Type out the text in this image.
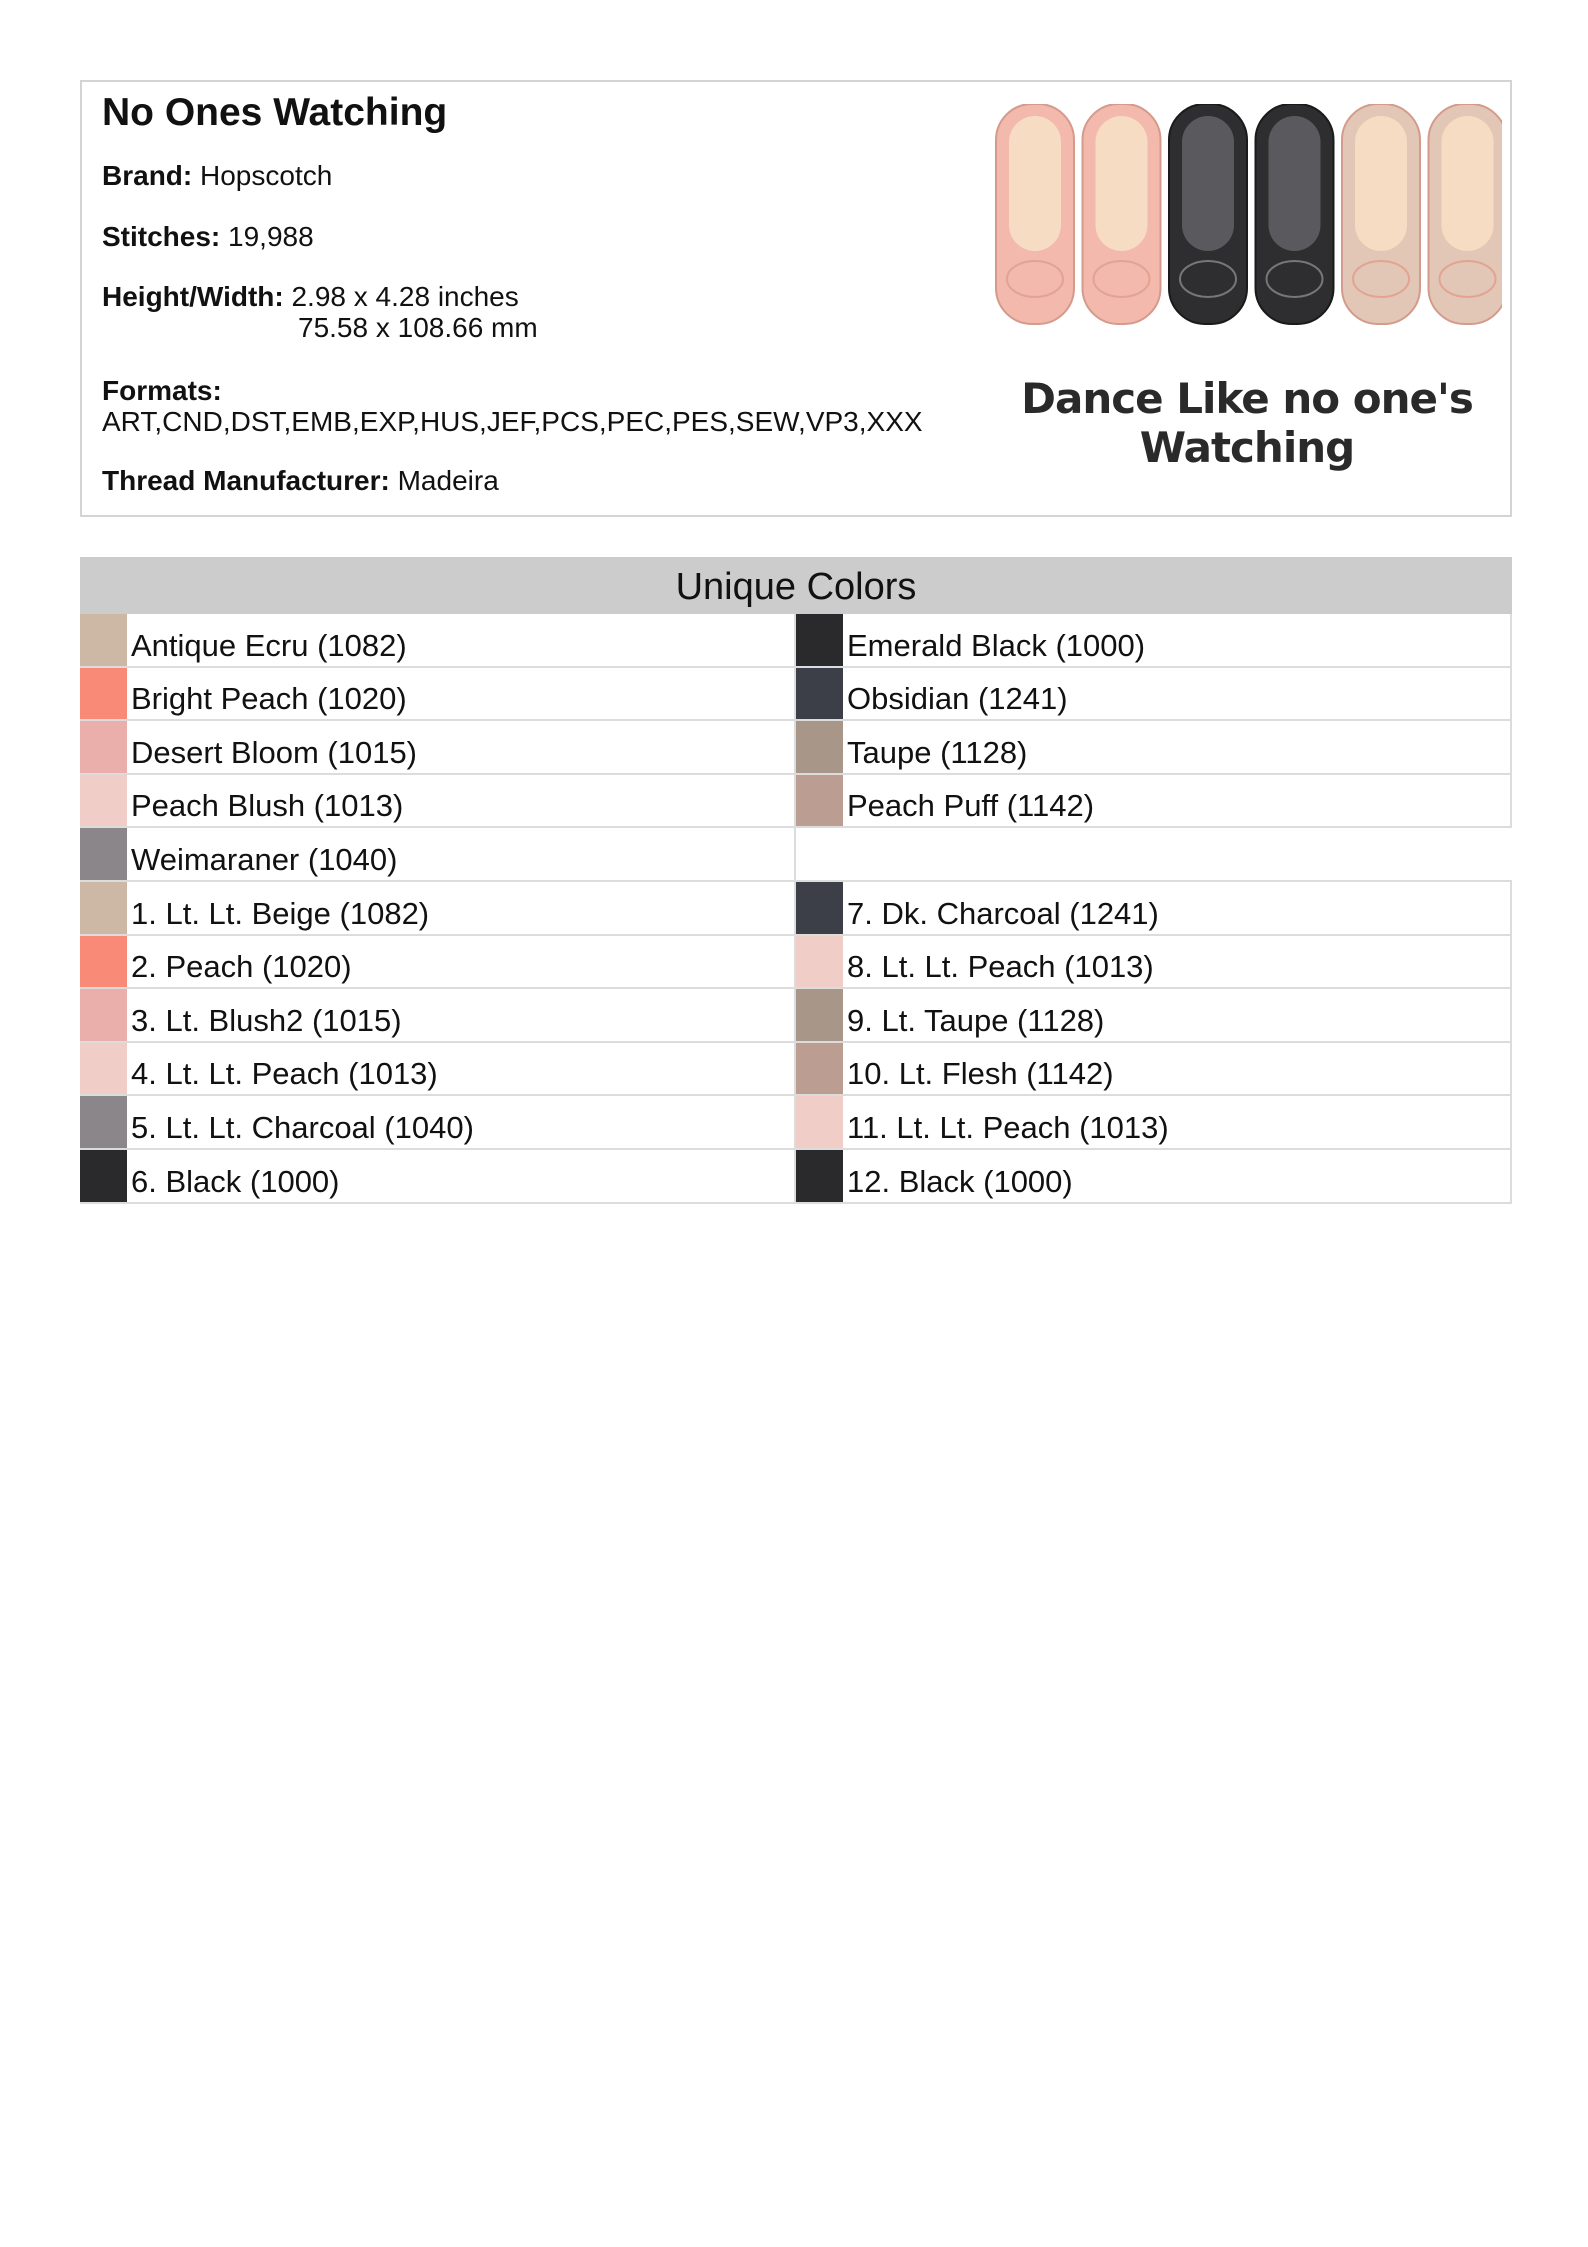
No Ones Watching
Brand: Hopscotch
Stitches: 19,988
Height/Width: 2.98 x 4.28 inches
75.58 x 108.66 mm
Formats:
ART,CND,DST,EMB,EXP,HUS,JEF,PCS,PEC,PES,SEW,VP3,XXX
Thread Manufacturer: Madeira
Dance Like no one's Watching
Unique Colors
Antique Ecru (1082)	Emerald Black (1000)
Bright Peach (1020)	Obsidian (1241)
Desert Bloom (1015)	Taupe (1128)
Peach Blush (1013)	Peach Puff (1142)
Weimaraner (1040)
1. Lt. Lt. Beige (1082)	7. Dk. Charcoal (1241)
2. Peach (1020)	8. Lt. Lt. Peach (1013)
3. Lt. Blush2 (1015)	9. Lt. Taupe (1128)
4. Lt. Lt. Peach (1013)	10. Lt. Flesh (1142)
5. Lt. Lt. Charcoal (1040)	11. Lt. Lt. Peach (1013)
6. Black (1000)	12. Black (1000)
